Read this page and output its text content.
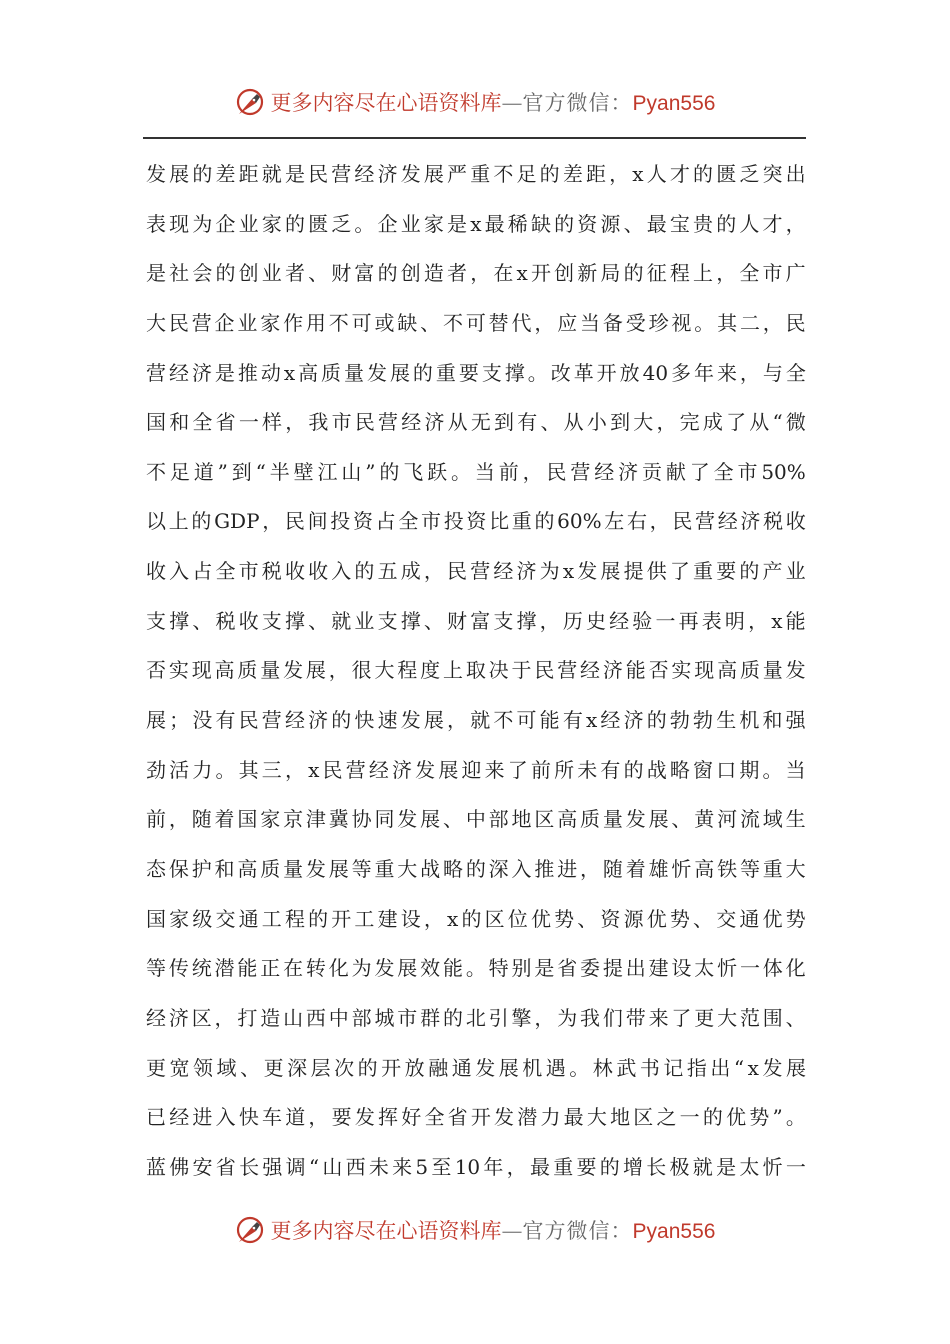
更多内容尽在心语资料库—官方微信：Pyan556
发 展 的 差 距 就 是 民 营 经 济 发 展 严 重 不 足 的 差 距 ， x 人 才 的 匮 乏 突 出
表 现 为 企 业 家 的 匮 乏 。 企 业 家 是 x 最 稀 缺 的 资 源 、 最 宝 贵 的 人 才 ，
是 社 会 的 创 业 者 、 财 富 的 创 造 者 ， 在 x 开 创 新 局 的 征 程 上 ， 全 市 广
大 民 营 企 业 家 作 用 不 可 或 缺 、 不 可 替 代 ， 应 当 备 受 珍 视 。 其 二 ， 民
营 经 济 是 推 动 x 高 质 量 发 展 的 重 要 支 撑 。 改 革 开 放 40 多 年 来 ， 与 全
国 和 全 省 一 样 ， 我 市 民 营 经 济 从 无 到 有 、 从 小 到 大 ， 完 成 了 从 “ 微
不 足 道 ” 到 “ 半 壁 江 山 ” 的 飞 跃 。 当 前 ， 民 营 经 济 贡 献 了 全 市 50%
以 上 的 GDP ， 民 间 投 资 占 全 市 投 资 比 重 的 60% 左 右 ， 民 营 经 济 税 收
收 入 占 全 市 税 收 收 入 的 五 成 ， 民 营 经 济 为 x 发 展 提 供 了 重 要 的 产 业
支 撑 、 税 收 支 撑 、 就 业 支 撑 、 财 富 支 撑 ， 历 史 经 验 一 再 表 明 ， x 能
否 实 现 高 质 量 发 展 ， 很 大 程 度 上 取 决 于 民 营 经 济 能 否 实 现 高 质 量 发
展 ； 没 有 民 营 经 济 的 快 速 发 展 ， 就 不 可 能 有 x 经 济 的 勃 勃 生 机 和 强
劲 活 力 。 其 三 ， x 民 营 经 济 发 展 迎 来 了 前 所 未 有 的 战 略 窗 口 期 。 当
前 ， 随 着 国 家 京 津 冀 协 同 发 展 、 中 部 地 区 高 质 量 发 展 、 黄 河 流 域 生
态 保 护 和 高 质 量 发 展 等 重 大 战 略 的 深 入 推 进 ， 随 着 雄 忻 高 铁 等 重 大
国 家 级 交 通 工 程 的 开 工 建 设 ， x 的 区 位 优 势 、 资 源 优 势 、 交 通 优 势
等 传 统 潜 能 正 在 转 化 为 发 展 效 能 。 特 别 是 省 委 提 出 建 设 太 忻 一 体 化
经 济 区 ， 打 造 山 西 中 部 城 市 群 的 北 引 擎 ， 为 我 们 带 来 了 更 大 范 围 、
更 宽 领 域 、 更 深 层 次 的 开 放 融 通 发 展 机 遇 。 林 武 书 记 指 出 “ x 发 展
已 经 进 入 快 车 道 ， 要 发 挥 好 全 省 开 发 潜 力 最 大 地 区 之 一 的 优 势 ” 。
蓝 佛 安 省 长 强 调 “ 山 西 未 来 5 至 10 年 ， 最 重 要 的 增 长 极 就 是 太 忻 一
更多内容尽在心语资料库—官方微信：Pyan556
